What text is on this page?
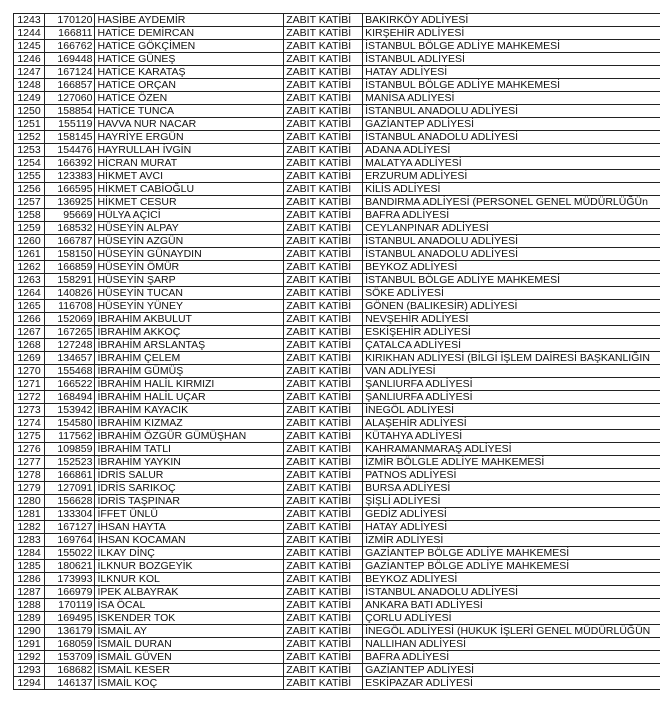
1243	170120	HASİBE AYDEMİR	ZABIT KATİBİ	BAKIRKÖY ADLİYESİ
1244	166811	HATİCE DEMİRCAN	ZABIT KATİBİ	KIRŞEHİR ADLİYESİ
1245	166762	HATİCE GÖKÇİMEN	ZABIT KATİBİ	İSTANBUL BÖLGE ADLİYE MAHKEMESİ
1246	169448	HATİCE GÜNEŞ	ZABIT KATİBİ	İSTANBUL ADLİYESİ
1247	167124	HATİCE KARATAŞ	ZABIT KATİBİ	HATAY ADLİYESİ
1248	166857	HATİCE ORÇAN	ZABIT KATİBİ	İSTANBUL BÖLGE ADLİYE MAHKEMESİ
1249	127060	HATİCE ÖZEN	ZABIT KATİBİ	MANİSA ADLİYESİ
1250	158854	HATİCE TUNCA	ZABIT KATİBİ	İSTANBUL ANADOLU ADLİYESİ
1251	155119	HAVVA NUR NACAR	ZABIT KATİBİ	GAZİANTEP ADLİYESİ
1252	158145	HAYRİYE ERGÜN	ZABIT KATİBİ	İSTANBUL ANADOLU ADLİYESİ
1253	154476	HAYRULLAH İVGİN	ZABIT KATİBİ	ADANA ADLİYESİ
1254	166392	HİCRAN MURAT	ZABIT KATİBİ	MALATYA ADLİYESİ
1255	123383	HİKMET AVCI	ZABIT KATİBİ	ERZURUM ADLİYESİ
1256	166595	HİKMET CABİOĞLU	ZABIT KATİBİ	KİLİS ADLİYESİ
1257	136925	HİKMET CESUR	ZABIT KATİBİ	BANDIRMA ADLİYESİ (PERSONEL GENEL MÜDÜRLÜĞÜn
1258	95669	HÜLYA AÇİCİ	ZABIT KATİBİ	BAFRA ADLİYESİ
1259	168532	HÜSEYİN ALPAY	ZABIT KATİBİ	CEYLANPINAR ADLİYESİ
1260	166787	HÜSEYİN AZGÜN	ZABIT KATİBİ	İSTANBUL ANADOLU ADLİYESİ
1261	158150	HÜSEYİN GÜNAYDIN	ZABIT KATİBİ	İSTANBUL ANADOLU ADLİYESİ
1262	166859	HÜSEYİN ÖMÜR	ZABIT KATİBİ	BEYKOZ ADLİYESİ
1263	158291	HÜSEYİN ŞARP	ZABIT KATİBİ	İSTANBUL BÖLGE ADLİYE MAHKEMESİ
1264	140826	HÜSEYİN TUCAN	ZABIT KATİBİ	SÖKE ADLİYESİ
1265	116708	HÜSEYİN YÜNEY	ZABIT KATİBİ	GÖNEN (BALIKESİR) ADLİYESİ
1266	152069	İBRAHİM AKBULUT	ZABIT KATİBİ	NEVŞEHİR ADLİYESİ
1267	167265	İBRAHİM AKKOÇ	ZABIT KATİBİ	ESKİŞEHİR ADLİYESİ
1268	127248	İBRAHİM ARSLANTAŞ	ZABIT KATİBİ	ÇATALCA ADLİYESİ
1269	134657	İBRAHİM ÇELEM	ZABIT KATİBİ	KIRIKHAN ADLİYESİ (BİLGİ İŞLEM DAİRESİ BAŞKANLIĞIN
1270	155468	İBRAHİM GÜMÜŞ	ZABIT KATİBİ	VAN ADLİYESİ
1271	166522	İBRAHİM HALİL KIRMIZI	ZABIT KATİBİ	ŞANLIURFA ADLİYESİ
1272	168494	İBRAHİM HALİL UÇAR	ZABIT KATİBİ	ŞANLIURFA ADLİYESİ
1273	153942	İBRAHİM KAYACIK	ZABIT KATİBİ	İNEGÖL ADLİYESİ
1274	154580	İBRAHİM KIZMAZ	ZABIT KATİBİ	ALAŞEHİR ADLİYESİ
1275	117562	İBRAHİM ÖZGÜR GÜMÜŞHAN	ZABIT KATİBİ	KÜTAHYA ADLİYESİ
1276	109859	İBRAHİM TATLI	ZABIT KATİBİ	KAHRAMANMARAŞ ADLİYESİ
1277	152523	İBRAHİM YAYKIN	ZABIT KATİBİ	İZMİR BÖLGLE ADLİYE MAHKEMESİ
1278	166861	İDRİS SALUR	ZABIT KATİBİ	PATNOS ADLİYESİ
1279	127091	İDRİS SARIKOÇ	ZABIT KATİBİ	BURSA ADLİYESİ
1280	156628	İDRİS TAŞPINAR	ZABIT KATİBİ	ŞİŞLİ ADLİYESİ
1281	133304	İFFET ÜNLÜ	ZABIT KATİBİ	GEDİZ ADLİYESİ
1282	167127	İHSAN HAYTA	ZABIT KATİBİ	HATAY ADLİYESİ
1283	169764	İHSAN KOCAMAN	ZABIT KATİBİ	İZMİR ADLİYESİ
1284	155022	İLKAY DİNÇ	ZABIT KATİBİ	GAZİANTEP BÖLGE ADLİYE MAHKEMESİ
1285	180621	İLKNUR BOZGEYİK	ZABIT KATİBİ	GAZİANTEP BÖLGE ADLİYE MAHKEMESİ
1286	173993	İLKNUR KOL	ZABIT KATİBİ	BEYKOZ ADLİYESİ
1287	166979	İPEK ALBAYRAK	ZABIT KATİBİ	İSTANBUL ANADOLU ADLİYESİ
1288	170119	İSA ÖCAL	ZABIT KATİBİ	ANKARA BATI ADLİYESİ
1289	169495	İSKENDER TOK	ZABIT KATİBİ	ÇORLU ADLİYESİ
1290	136179	İSMAİL AY	ZABIT KATİBİ	İNEGÖL ADLİYESİ (HUKUK İŞLERİ GENEL MÜDÜRLÜĞÜN
1291	168059	İSMAİL DURAN	ZABIT KATİBİ	NALLIHAN ADLİYESİ
1292	153709	İSMAİL GÜVEN	ZABIT KATİBİ	BAFRA ADLİYESİ
1293	168682	İSMAİL KESER	ZABIT KATİBİ	GAZİANTEP ADLİYESİ
1294	146137	İSMAİL KOÇ	ZABIT KATİBİ	ESKİPAZAR ADLİYESİ
